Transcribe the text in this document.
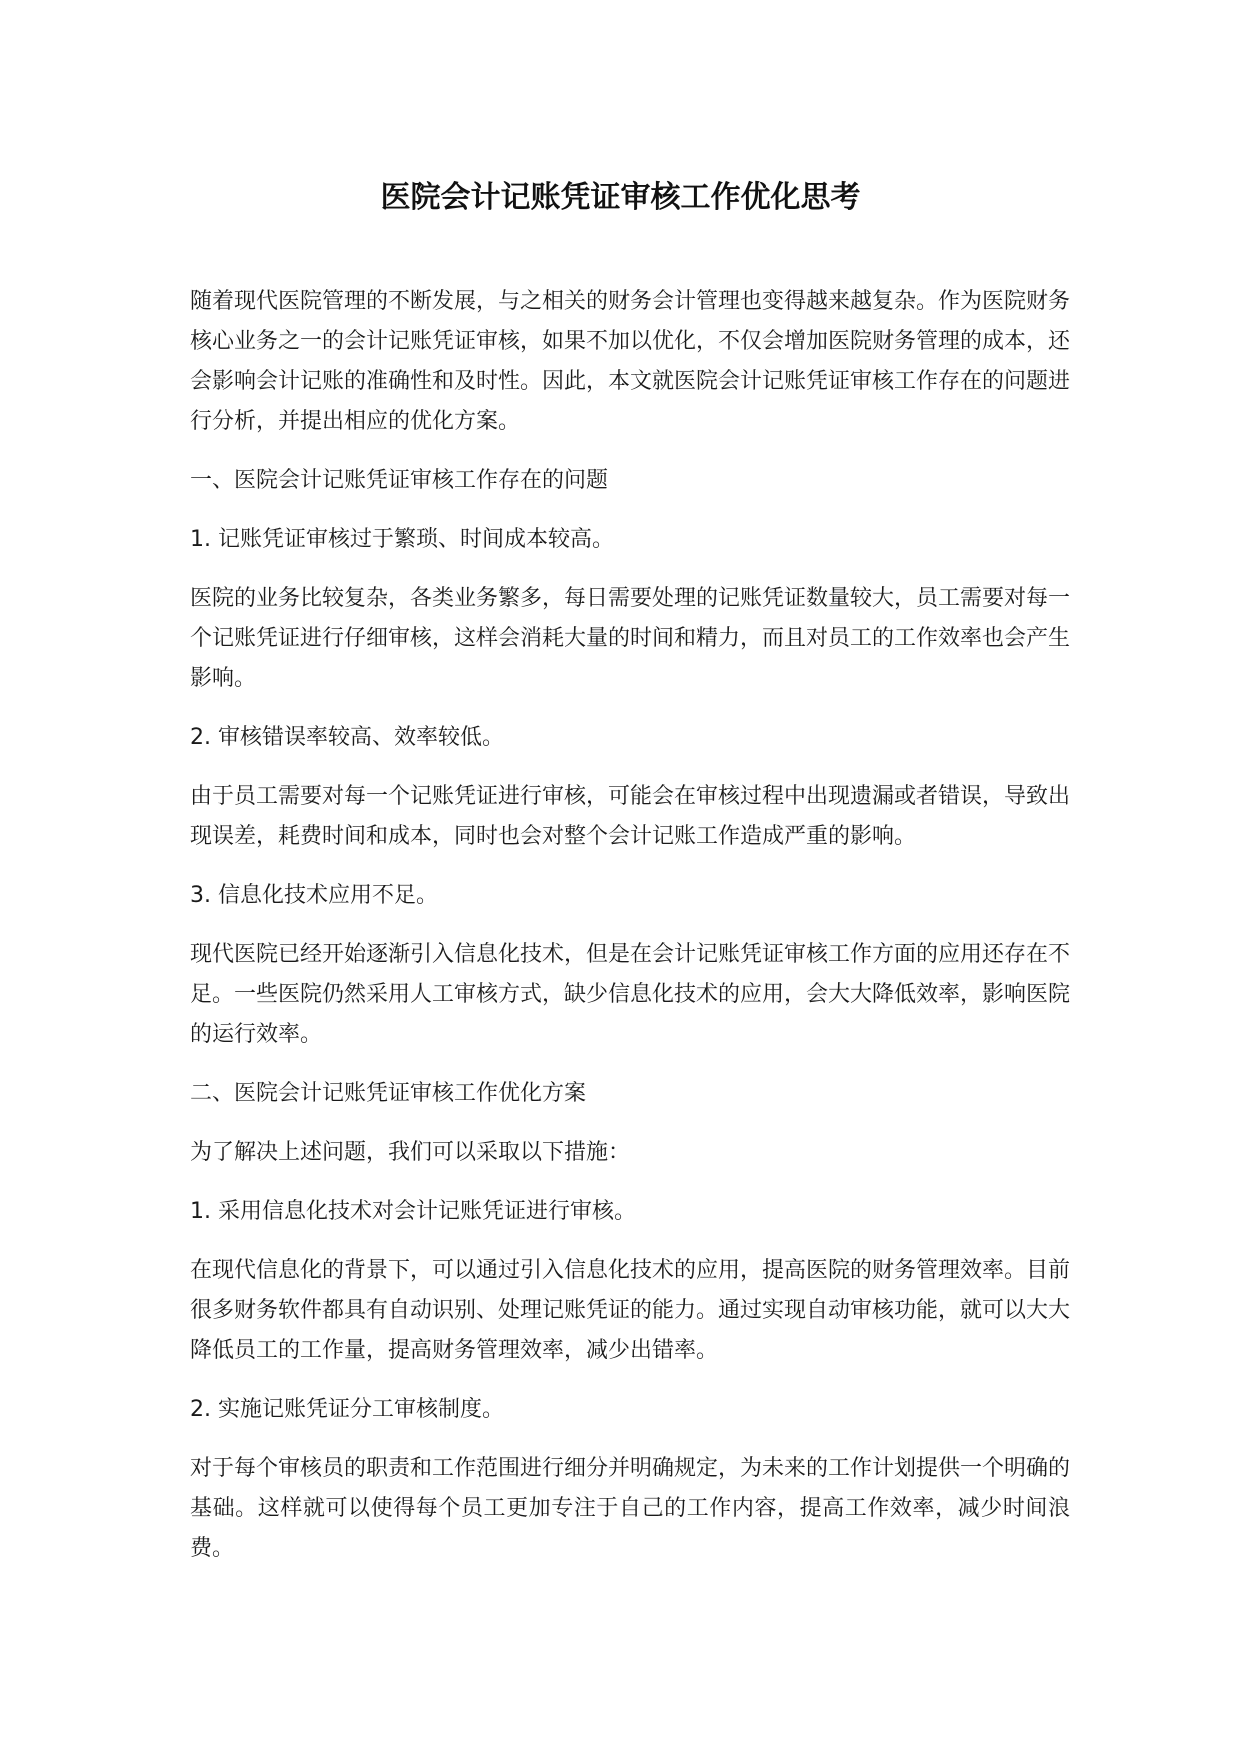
医院会计记账凭证审核工作优化思考

随着现代医院管理的不断发展，与之相关的财务会计管理也变得越来越复杂。作为医院财务核心业务之一的会计记账凭证审核，如果不加以优化，不仅会增加医院财务管理的成本，还会影响会计记账的准确性和及时性。因此，本文就医院会计记账凭证审核工作存在的问题进行分析，并提出相应的优化方案。

一、医院会计记账凭证审核工作存在的问题

1. 记账凭证审核过于繁琐、时间成本较高。

医院的业务比较复杂，各类业务繁多，每日需要处理的记账凭证数量较大，员工需要对每一个记账凭证进行仔细审核，这样会消耗大量的时间和精力，而且对员工的工作效率也会产生影响。

2. 审核错误率较高、效率较低。

由于员工需要对每一个记账凭证进行审核，可能会在审核过程中出现遗漏或者错误，导致出现误差，耗费时间和成本，同时也会对整个会计记账工作造成严重的影响。

3. 信息化技术应用不足。

现代医院已经开始逐渐引入信息化技术，但是在会计记账凭证审核工作方面的应用还存在不足。一些医院仍然采用人工审核方式，缺少信息化技术的应用，会大大降低效率，影响医院的运行效率。

二、医院会计记账凭证审核工作优化方案

为了解决上述问题，我们可以采取以下措施：

1. 采用信息化技术对会计记账凭证进行审核。

在现代信息化的背景下，可以通过引入信息化技术的应用，提高医院的财务管理效率。目前很多财务软件都具有自动识别、处理记账凭证的能力。通过实现自动审核功能，就可以大大降低员工的工作量，提高财务管理效率，减少出错率。

2. 实施记账凭证分工审核制度。

对于每个审核员的职责和工作范围进行细分并明确规定，为未来的工作计划提供一个明确的基础。这样就可以使得每个员工更加专注于自己的工作内容，提高工作效率，减少时间浪费。
